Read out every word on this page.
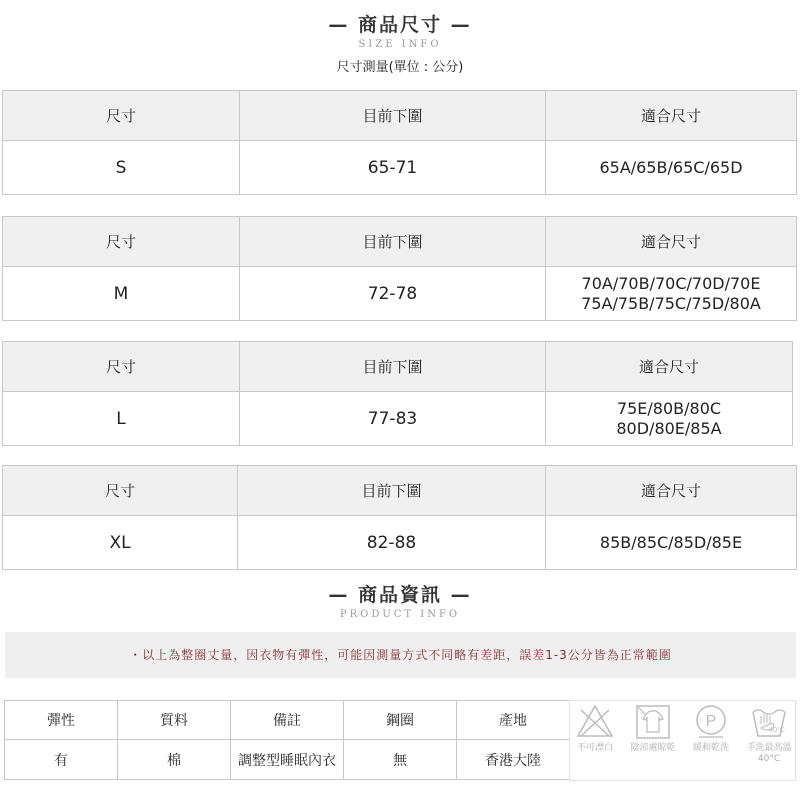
— 商品尺寸 —
SIZE INFO
尺寸測量(單位 : 公分)
尺寸	目前下圍	適合尺寸
S	65-71	65A/65B/65C/65D
尺寸	目前下圍	適合尺寸
M	72-78	70A/70B/70C/70D/70E
75A/75B/75C/75D/80A
尺寸	目前下圍	適合尺寸
L	77-83	75E/80B/80C
80D/80E/85A
尺寸	目前下圍	適合尺寸
XL	82-88	85B/85C/85D/85E
— 商品資訊 —
PRODUCT INFO
・以上為整圈丈量，因衣物有彈性，可能因測量方式不同略有差距，誤差1-3公分皆為正常範圍
彈性	質料	備註	鋼圈	產地
有	棉	調整型睡眠內衣	無	香港大陸
不可漂白	陰涼處晾乾
P
緩和乾洗
40°C
手洗最高溫
40°C
